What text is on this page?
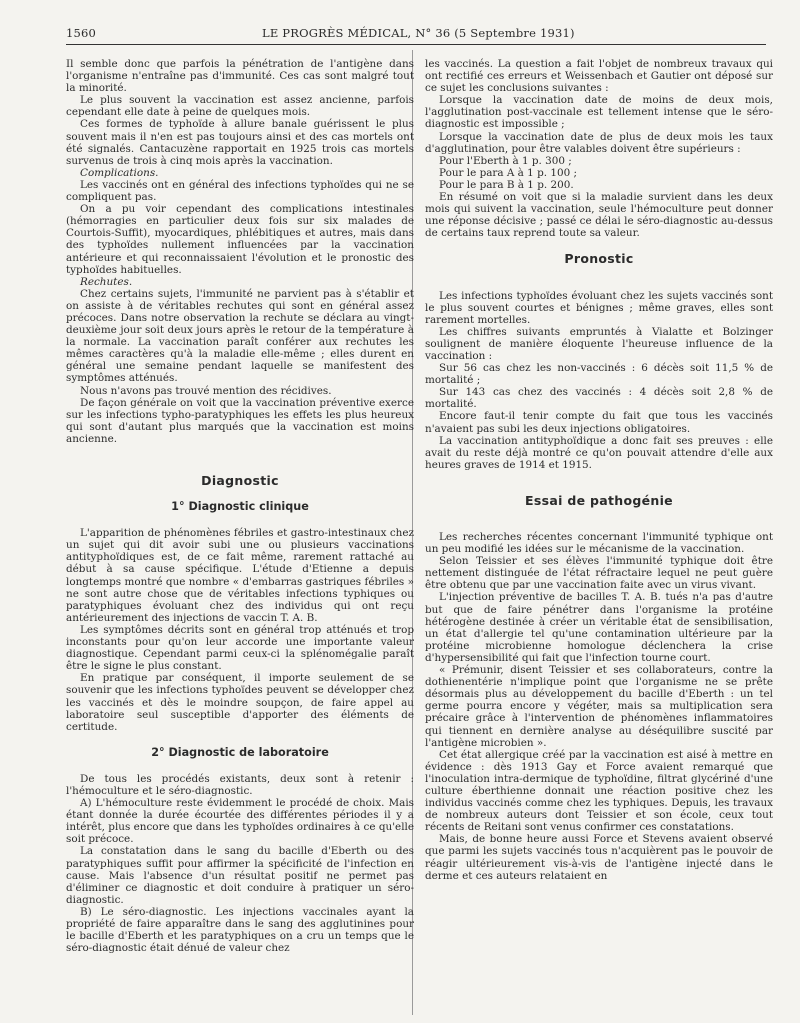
1560	LE PROGRÈS MÉDICAL, N° 36 (5 Septembre 1931)

Il semble donc que parfois la pénétration de l'antigène dans l'organisme n'entraîne pas d'immunité. Ces cas sont malgré tout la minorité.

Le plus souvent la vaccination est assez ancienne, parfois cependant elle date à peine de quelques mois.

Ces formes de typhoïde à allure banale guérissent le plus souvent mais il n'en est pas toujours ainsi et des cas mortels ont été signalés. Cantacuzène rapportait en 1925 trois cas mortels survenus de trois à cinq mois après la vaccination.

Complications.

Les vaccinés ont en général des infections typhoïdes qui ne se compliquent pas.

On a pu voir cependant des complications intestinales (hémorragies en particulier deux fois sur six malades de Courtois-Suffit), myocardiques, phlébitiques et autres, mais dans des typhoïdes nullement influencées par la vaccination antérieure et qui reconnaissaient l'évolution et le pronostic des typhoïdes habituelles.

Rechutes.

Chez certains sujets, l'immunité ne parvient pas à s'établir et on assiste à de véritables rechutes qui sont en général assez précoces. Dans notre observation la rechute se déclara au vingt-deuxième jour soit deux jours après le retour de la température à la normale. La vaccination paraît conférer aux rechutes les mêmes caractères qu'à la maladie elle-même ; elles durent en général une semaine pendant laquelle se manifestent des symptômes atténués.

Nous n'avons pas trouvé mention des récidives.

De façon générale on voit que la vaccination préventive exerce sur les infections typho-paratyphiques les effets les plus heureux qui sont d'autant plus marqués que la vaccination est moins ancienne.

Diagnostic
1° Diagnostic clinique

L'apparition de phénomènes fébriles et gastro-intestinaux chez un sujet qui dit avoir subi une ou plusieurs vaccinations antityphoïdiques est, de ce fait même, rarement rattaché au début à sa cause spécifique. L'étude d'Etienne a depuis longtemps montré que nombre « d'embarras gastriques fébriles » ne sont autre chose que de véritables infections typhiques ou paratyphiques évoluant chez des individus qui ont reçu antérieurement des injections de vaccin T. A. B.

Les symptômes décrits sont en général trop atténués et trop inconstants pour qu'on leur accorde une importante valeur diagnostique. Cependant parmi ceux-ci la splénomégalie paraît être le signe le plus constant.

En pratique par conséquent, il importe seulement de se souvenir que les infections typhoïdes peuvent se développer chez les vaccinés et dès le moindre soupçon, de faire appel au laboratoire seul susceptible d'apporter des éléments de certitude.

2° Diagnostic de laboratoire

De tous les procédés existants, deux sont à retenir : l'hémoculture et le séro-diagnostic.

A) L'hémoculture reste évidemment le procédé de choix. Mais étant donnée la durée écourtée des différentes périodes il y a intérêt, plus encore que dans les typhoïdes ordinaires à ce qu'elle soit précoce.

La constatation dans le sang du bacille d'Eberth ou des paratyphiques suffit pour affirmer la spécificité de l'infection en cause. Mais l'absence d'un résultat positif ne permet pas d'éliminer ce diagnostic et doit conduire à pratiquer un séro-diagnostic.

B) Le séro-diagnostic. Les injections vaccinales ayant la propriété de faire apparaître dans le sang des agglutinines pour le bacille d'Eberth et les paratyphiques on a cru un temps que le séro-diagnostic était dénué de valeur chez

les vaccinés. La question a fait l'objet de nombreux travaux qui ont rectifié ces erreurs et Weissenbach et Gautier ont déposé sur ce sujet les conclusions suivantes :

Lorsque la vaccination date de moins de deux mois, l'agglutination post-vaccinale est tellement intense que le séro-diagnostic est impossible ;

Lorsque la vaccination date de plus de deux mois les taux d'agglutination, pour être valables doivent être supérieurs :

Pour l'Eberth à 1 p. 300 ;

Pour le para A à 1 p. 100 ;

Pour le para B à 1 p. 200.

En résumé on voit que si la maladie survient dans les deux mois qui suivent la vaccination, seule l'hémoculture peut donner une réponse décisive ; passé ce délai le séro-diagnostic au-dessus de certains taux reprend toute sa valeur.

Pronostic

Les infections typhoïdes évoluant chez les sujets vaccinés sont le plus souvent courtes et bénignes ; même graves, elles sont rarement mortelles.

Les chiffres suivants empruntés à Vialatte et Bolzinger soulignent de manière éloquente l'heureuse influence de la vaccination :

Sur 56 cas chez les non-vaccinés : 6 décès soit 11,5 % de mortalité ;

Sur 143 cas chez des vaccinés : 4 décès soit 2,8 % de mortalité.

Encore faut-il tenir compte du fait que tous les vaccinés n'avaient pas subi les deux injections obligatoires.

La vaccination antityphoïdique a donc fait ses preuves : elle avait du reste déjà montré ce qu'on pouvait attendre d'elle aux heures graves de 1914 et 1915.

Essai de pathogénie

Les recherches récentes concernant l'immunité typhique ont un peu modifié les idées sur le mécanisme de la vaccination.

Selon Teissier et ses élèves l'immunité typhique doit être nettement distinguée de l'état réfractaire lequel ne peut guère être obtenu que par une vaccination faite avec un virus vivant.

L'injection préventive de bacilles T. A. B. tués n'a pas d'autre but que de faire pénétrer dans l'organisme la protéine hétérogène destinée à créer un véritable état de sensibilisation, un état d'allergie tel qu'une contamination ultérieure par la protéine microbienne homologue déclenchera la crise d'hypersensibilité qui fait que l'infection tourne court.

« Prémunir, disent Teissier et ses collaborateurs, contre la dothienentérie n'implique point que l'organisme ne se prête désormais plus au développement du bacille d'Eberth : un tel germe pourra encore y végéter, mais sa multiplication sera précaire grâce à l'intervention de phénomènes inflammatoires qui tiennent en dernière analyse au déséquilibre suscité par l'antigène microbien ».

Cet état allergique créé par la vaccination est aisé à mettre en évidence : dès 1913 Gay et Force avaient remarqué que l'inoculation intra-dermique de typhoïdine, filtrat glycériné d'une culture éberthienne donnait une réaction positive chez les individus vaccinés comme chez les typhiques. Depuis, les travaux de nombreux auteurs dont Teissier et son école, ceux tout récents de Reitani sont venus confirmer ces constatations.

Mais, de bonne heure aussi Force et Stevens avaient observé que parmi les sujets vaccinés tous n'acquièrent pas le pouvoir de réagir ultérieurement vis-à-vis de l'antigène injecté dans le derme et ces auteurs relataient en
